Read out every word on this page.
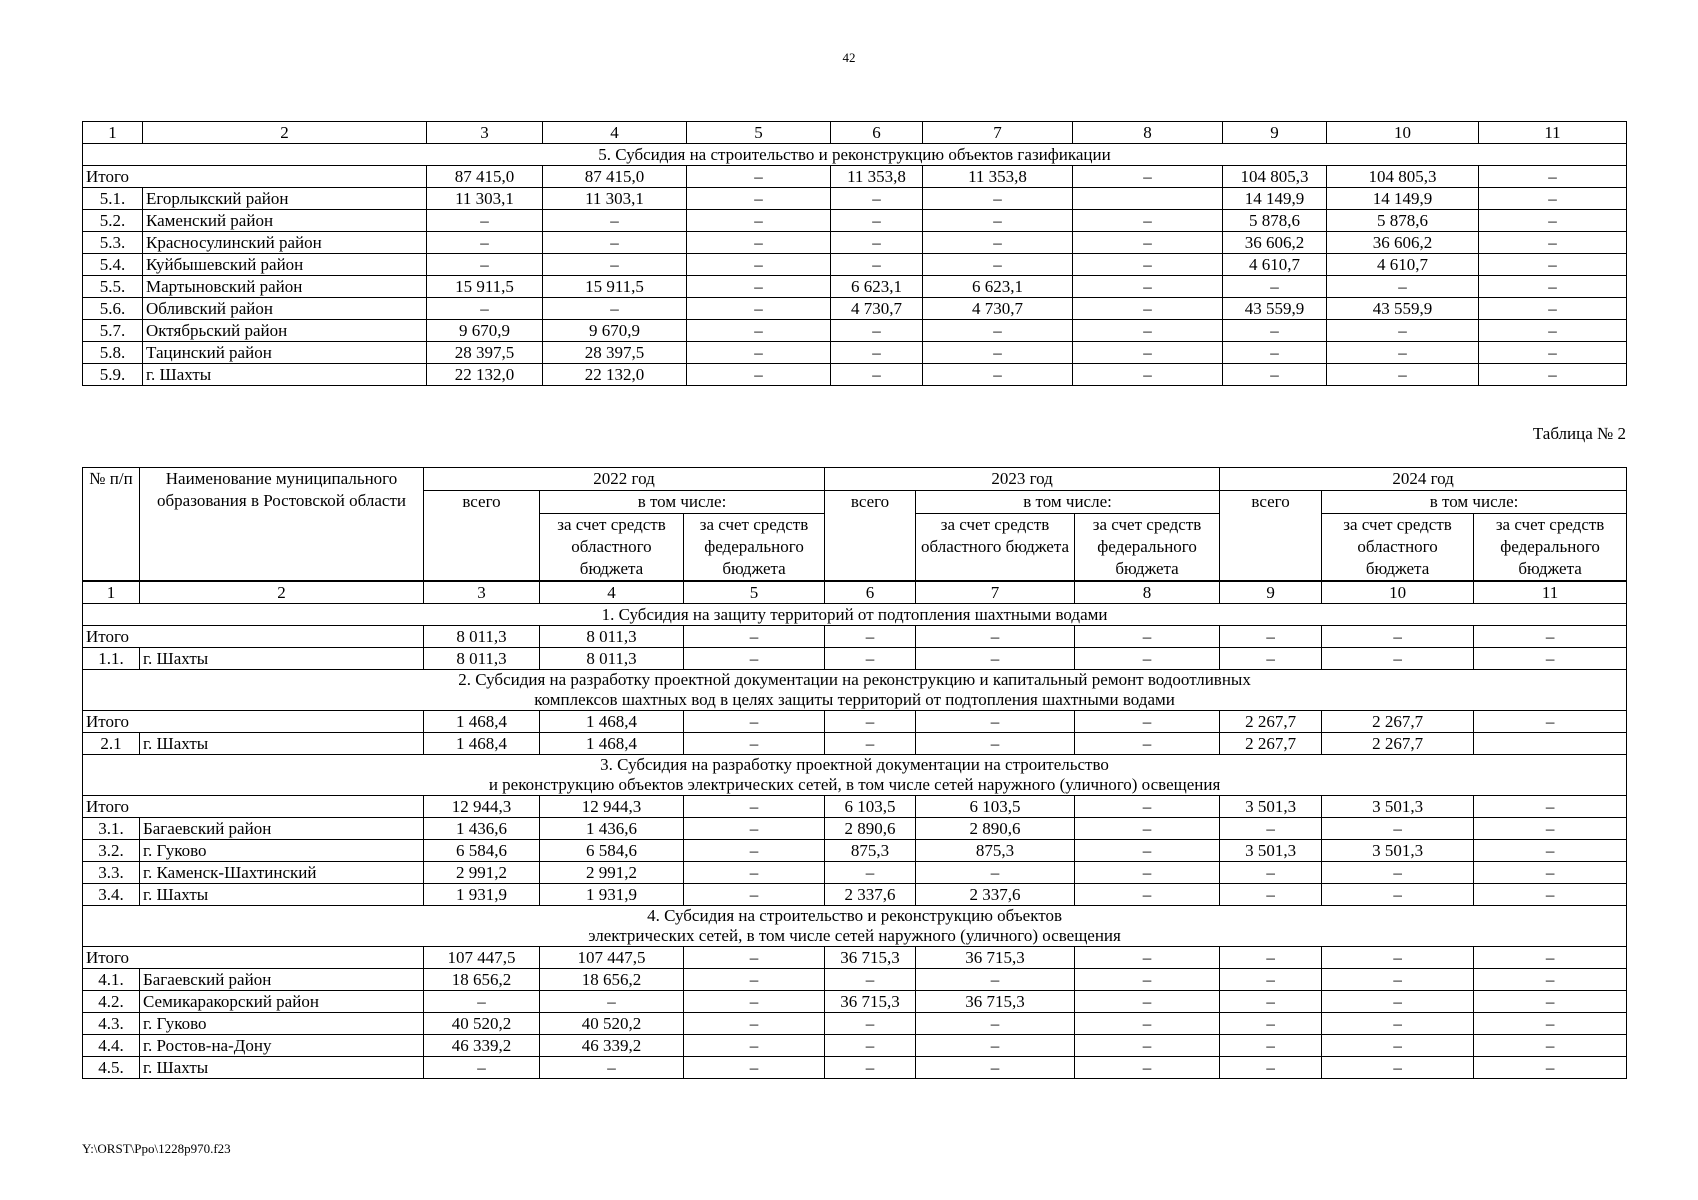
42
1	2	3	4	5	6	7	8	9	10	11
5. Субсидия на строительство и реконструкцию объектов газификации										
Итого		87 415,0	87 415,0	–	11 353,8	11 353,8	–	104 805,3	104 805,3	–
5.1.	Егорлыкский район	11 303,1	11 303,1	–	–	–		14 149,9	14 149,9	–
5.2.	Каменский район	–	–	–	–	–	–	5 878,6	5 878,6	–
5.3.	Красносулинский район	–	–	–	–	–	–	36 606,2	36 606,2	–
5.4.	Куйбышевский район	–	–	–	–	–	–	4 610,7	4 610,7	–
5.5.	Мартыновский район	15 911,5	15 911,5	–	6 623,1	6 623,1	–	–	–	–
5.6.	Обливский район	–	–	–	4 730,7	4 730,7	–	43 559,9	43 559,9	–
5.7.	Октябрьский район	9 670,9	9 670,9	–	–	–	–	–	–	–
5.8.	Тацинский район	28 397,5	28 397,5	–	–	–	–	–	–	–
5.9.	г. Шахты	22 132,0	22 132,0	–	–	–	–	–	–	–
Таблица № 2
№ п/п	Наименование муниципального образования в Ростовской области	2022 год			2023 год			2024 год		
		всего	в том числе:		всего	в том числе:		всего	в том числе:	
			за счет средств областного бюджета	за счет средств федерального бюджета		за счет средств областного бюджета	за счет средств федерального бюджета		за счет средств областного бюджета	за счет средств федерального бюджета
1	2	3	4	5	6	7	8	9	10	11

1. Субсидия на защиту территорий от подтопления шахтными водами										

Итого		8 011,3	8 011,3	–	–	–	–	–	–	–
1.1.	г. Шахты	8 011,3	8 011,3	–	–	–	–	–	–	–

2. Субсидия на разработку проектной документации на реконструкцию и капитальный ремонт водоотливных
комплексов шахтных вод в целях защиты территорий от подтопления шахтными водами										

Итого		1 468,4	1 468,4	–	–	–	–	2 267,7	2 267,7	–
2.1	г. Шахты	1 468,4	1 468,4	–	–	–	–	2 267,7	2 267,7	

3. Субсидия на разработку проектной документации на строительство
и реконструкцию объектов электрических сетей, в том числе сетей наружного (уличного) освещения										

Итого		12 944,3	12 944,3	–	6 103,5	6 103,5	–	3 501,3	3 501,3	–
3.1.	Багаевский район	1 436,6	1 436,6	–	2 890,6	2 890,6	–	–	–	–
3.2.	г. Гуково	6 584,6	6 584,6	–	875,3	875,3	–	3 501,3	3 501,3	–
3.3.	г. Каменск-Шахтинский	2 991,2	2 991,2	–	–	–	–	–	–	–
3.4.	г. Шахты	1 931,9	1 931,9	–	2 337,6	2 337,6	–	–	–	–

4. Субсидия на строительство и реконструкцию объектов
электрических сетей, в том числе сетей наружного (уличного) освещения										

Итого		107 447,5	107 447,5	–	36 715,3	36 715,3	–	–	–	–
4.1.	Багаевский район	18 656,2	18 656,2	–	–	–	–	–	–	–
4.2.	Семикаракорский район	–	–	–	36 715,3	36 715,3	–	–	–	–
4.3.	г. Гуково	40 520,2	40 520,2	–	–	–	–	–	–	–
4.4.	г. Ростов-на-Дону	46 339,2	46 339,2	–	–	–	–	–	–	–
4.5.	г. Шахты	–	–	–	–	–	–	–	–	–
Y:\ORST\Ppo\1228p970.f23
